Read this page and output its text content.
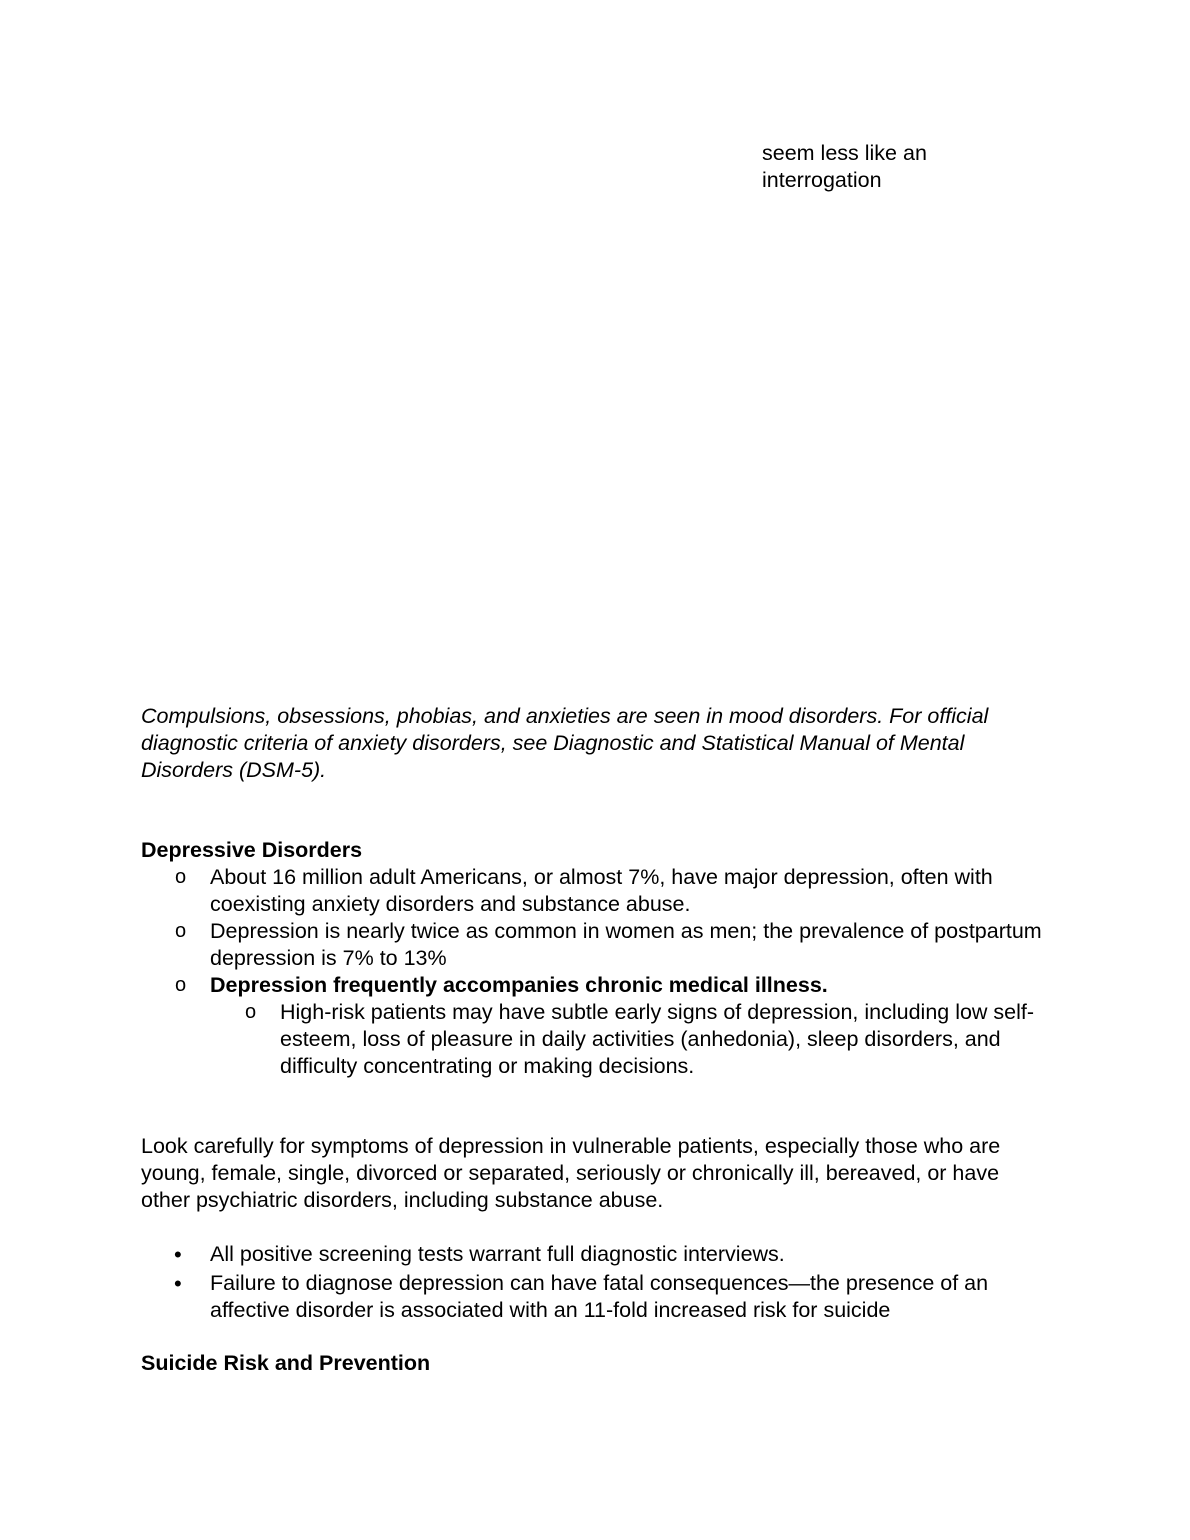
seem less like an

interrogation

Compulsions, obsessions, phobias, and anxieties are seen in mood disorders. For official diagnostic criteria of anxiety disorders, see Diagnostic and Statistical Manual of Mental Disorders (DSM-5).

Depressive Disorders

o	About 16 million adult Americans, or almost 7%, have major depression, often with coexisting anxiety disorders and substance abuse.
o	Depression is nearly twice as common in women as men; the prevalence of postpartum depression is 7% to 13%
o	Depression frequently accompanies chronic medical illness.
o	High-risk patients may have subtle early signs of depression, including low self-esteem, loss of pleasure in daily activities (anhedonia), sleep disorders, and difficulty concentrating or making decisions.

Look carefully for symptoms of depression in vulnerable patients, especially those who are young, female, single, divorced or separated, seriously or chronically ill, bereaved, or have other psychiatric disorders, including substance abuse.

•	All positive screening tests warrant full diagnostic interviews.
•	Failure to diagnose depression can have fatal consequences—the presence of an affective disorder is associated with an 11-fold increased risk for suicide

Suicide Risk and Prevention
